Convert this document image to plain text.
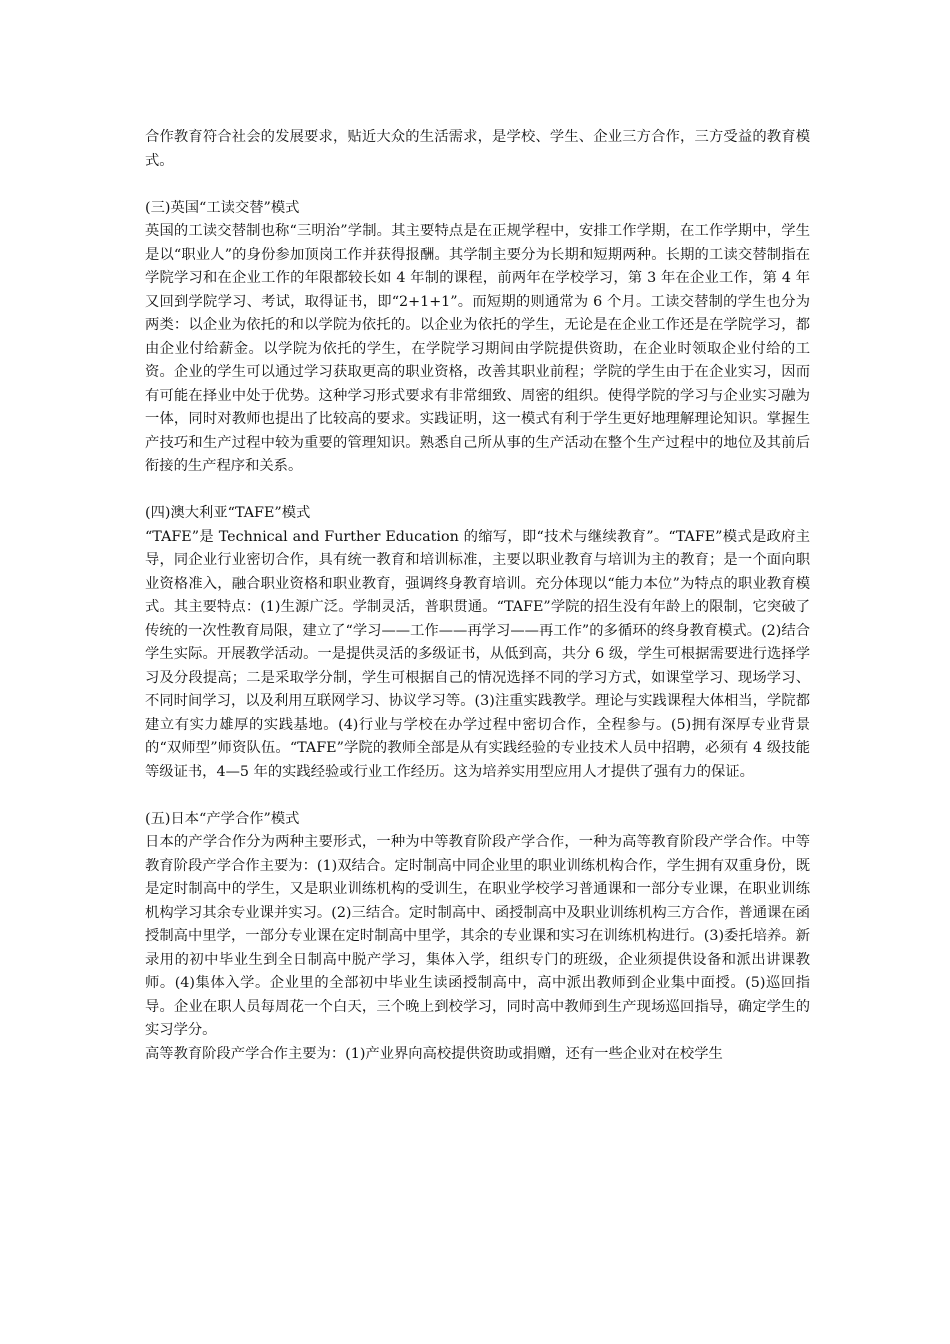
合作教育符合社会的发展要求，贴近大众的生活需求，是学校、学生、企业三方合作，三方受益的教育模式。

(三)英国“工读交替”模式

英国的工读交替制也称“三明治”学制。其主要特点是在正规学程中，安排工作学期，在工作学期中，学生是以“职业人”的身份参加顶岗工作并获得报酬。其学制主要分为长期和短期两种。长期的工读交替制指在学院学习和在企业工作的年限都较长如 4 年制的课程，前两年在学校学习，第 3 年在企业工作，第 4 年又回到学院学习、考试，取得证书，即“2+1+1”。而短期的则通常为 6 个月。工读交替制的学生也分为两类：以企业为依托的和以学院为依托的。以企业为依托的学生，无论是在企业工作还是在学院学习，都由企业付给薪金。以学院为依托的学生，在学院学习期间由学院提供资助，在企业时领取企业付给的工资。企业的学生可以通过学习获取更高的职业资格，改善其职业前程；学院的学生由于在企业实习，因而有可能在择业中处于优势。这种学习形式要求有非常细致、周密的组织。使得学院的学习与企业实习融为一体，同时对教师也提出了比较高的要求。实践证明，这一模式有利于学生更好地理解理论知识。掌握生产技巧和生产过程中较为重要的管理知识。熟悉自己所从事的生产活动在整个生产过程中的地位及其前后衔接的生产程序和关系。

(四)澳大利亚“TAFE”模式

“TAFE”是 Technical and Further Education 的缩写，即“技术与继续教育”。“TAFE”模式是政府主导，同企业行业密切合作，具有统一教育和培训标准，主要以职业教育与培训为主的教育；是一个面向职业资格准入，融合职业资格和职业教育，强调终身教育培训。充分体现以“能力本位”为特点的职业教育模式。其主要特点：(1)生源广泛。学制灵活，普职贯通。“TAFE”学院的招生没有年龄上的限制，它突破了传统的一次性教育局限，建立了“学习——工作——再学习——再工作”的多循环的终身教育模式。(2)结合学生实际。开展教学活动。一是提供灵活的多级证书，从低到高，共分 6 级，学生可根据需要进行选择学习及分段提高；二是采取学分制，学生可根据自己的情况选择不同的学习方式，如课堂学习、现场学习、不同时间学习，以及利用互联网学习、协议学习等。(3)注重实践教学。理论与实践课程大体相当，学院都建立有实力雄厚的实践基地。(4)行业与学校在办学过程中密切合作，全程参与。(5)拥有深厚专业背景的“双师型”师资队伍。“TAFE”学院的教师全部是从有实践经验的专业技术人员中招聘，必须有 4 级技能等级证书，4—5 年的实践经验或行业工作经历。这为培养实用型应用人才提供了强有力的保证。

(五)日本“产学合作”模式

日本的产学合作分为两种主要形式，一种为中等教育阶段产学合作，一种为高等教育阶段产学合作。中等教育阶段产学合作主要为：(1)双结合。定时制高中同企业里的职业训练机构合作，学生拥有双重身份，既是定时制高中的学生，又是职业训练机构的受训生，在职业学校学习普通课和一部分专业课，在职业训练机构学习其余专业课并实习。(2)三结合。定时制高中、函授制高中及职业训练机构三方合作，普通课在函授制高中里学，一部分专业课在定时制高中里学，其余的专业课和实习在训练机构进行。(3)委托培养。新录用的初中毕业生到全日制高中脱产学习，集体入学，组织专门的班级，企业须提供设备和派出讲课教师。(4)集体入学。企业里的全部初中毕业生读函授制高中，高中派出教师到企业集中面授。(5)巡回指导。企业在职人员每周花一个白天，三个晚上到校学习，同时高中教师到生产现场巡回指导，确定学生的实习学分。

高等教育阶段产学合作主要为：(1)产业界向高校提供资助或捐赠，还有一些企业对在校学生
